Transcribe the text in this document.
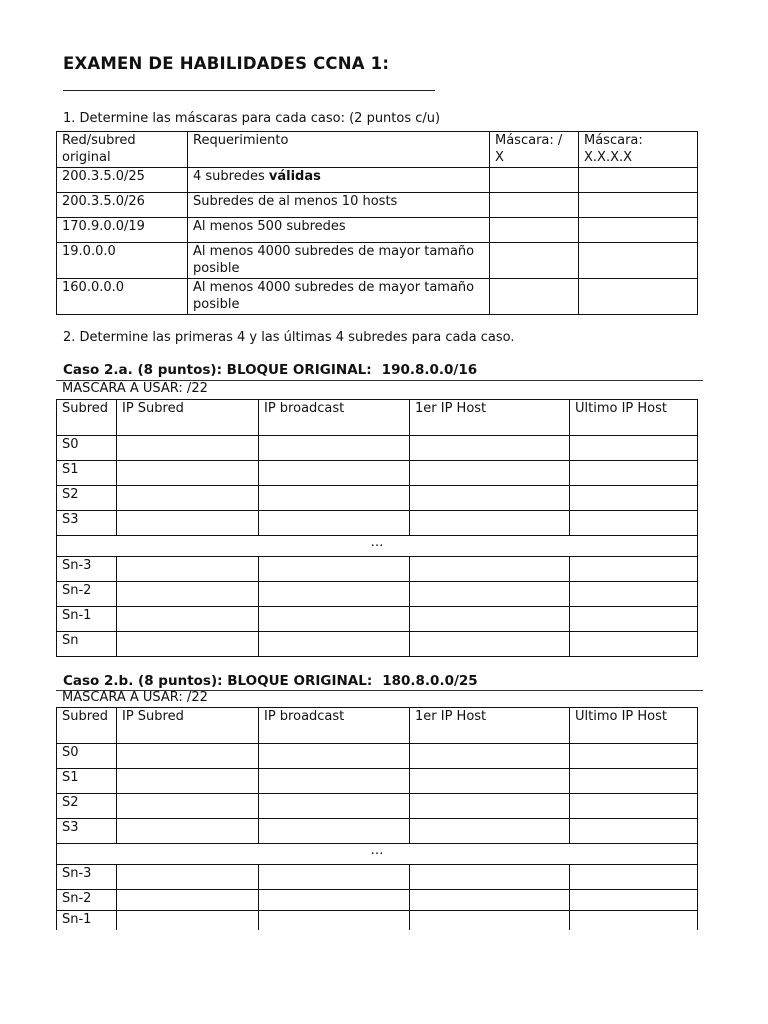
EXAMEN DE HABILIDADES CCNA 1:
1. Determine las máscaras para cada caso: (2 puntos c/u)
Red/subred original	Requerimiento	Máscara: / X	Máscara: X.X.X.X
200.3.5.0/25	4 subredes válidas		
200.3.5.0/26	Subredes de al menos 10 hosts		
170.9.0.0/19	Al menos 500 subredes		
19.0.0.0	Al menos 4000 subredes de mayor tamaño posible		
160.0.0.0	Al menos 4000 subredes de mayor tamaño posible		
2. Determine las primeras 4 y las últimas 4 subredes para cada caso.
Caso 2.a. (8 puntos): BLOQUE ORIGINAL: 190.8.0.0/16
MASCARA A USAR: /22
Subred	IP Subred	IP broadcast	1er IP Host	Ultimo IP Host
S0				
S1				
S2				
S3				
…				
Sn-3				
Sn-2				
Sn-1				
Sn				
Caso 2.b. (8 puntos): BLOQUE ORIGINAL: 180.8.0.0/25
MASCARA A USAR: /22
Subred	IP Subred	IP broadcast	1er IP Host	Ultimo IP Host
S0				
S1				
S2				
S3				
…				
Sn-3				
Sn-2				
Sn-1				
